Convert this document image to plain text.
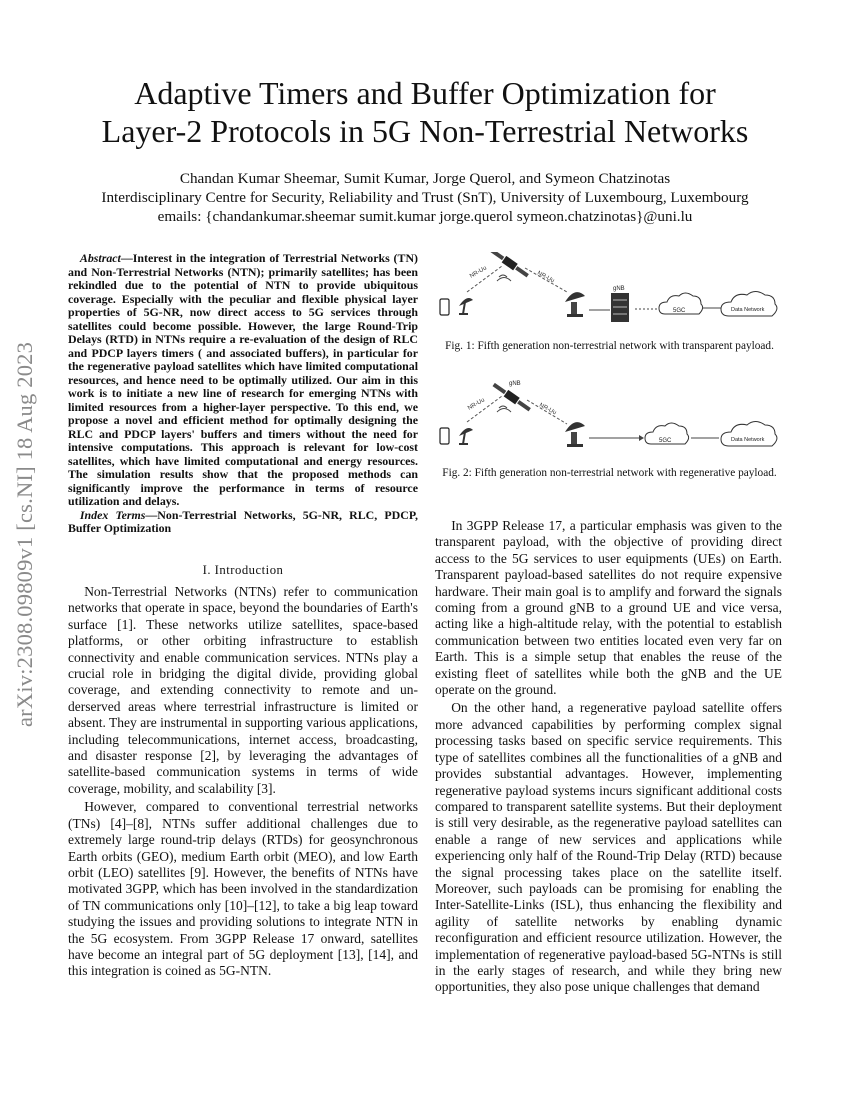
arXiv:2308.09809v1 [cs.NI] 18 Aug 2023
Adaptive Timers and Buffer Optimization for
Layer-2 Protocols in 5G Non-Terrestrial Networks
Chandan Kumar Sheemar, Sumit Kumar, Jorge Querol, and Symeon Chatzinotas
Interdisciplinary Centre for Security, Reliability and Trust (SnT), University of Luxembourg, Luxembourg
emails: {chandankumar.sheemar sumit.kumar jorge.querol symeon.chatzinotas}@uni.lu

Abstract—Interest in the integration of Terrestrial Networks (TN) and Non-Terrestrial Networks (NTN); primarily satellites; has been rekindled due to the potential of NTN to provide ubiquitous coverage. Especially with the peculiar and flexible physical layer properties of 5G-NR, now direct access to 5G services through satellites could become possible. However, the large Round-Trip Delays (RTD) in NTNs require a re-evaluation of the design of RLC and PDCP layers timers ( and associated buffers), in particular for the regenerative payload satellites which have limited computational resources, and hence need to be optimally utilized. Our aim in this work is to initiate a new line of research for emerging NTNs with limited resources from a higher-layer perspective. To this end, we propose a novel and efficient method for optimally designing the RLC and PDCP layers' buffers and timers without the need for intensive computations. This approach is relevant for low-cost satellites, which have limited computational and energy resources. The simulation results show that the proposed methods can significantly improve the performance in terms of resource utilization and delays.

Index Terms—Non-Terrestrial Networks, 5G-NR, RLC, PDCP, Buffer Optimization

I. Introduction

Non-Terrestrial Networks (NTNs) refer to communication networks that operate in space, beyond the boundaries of Earth's surface [1]. These networks utilize satellites, space-based platforms, or other orbiting infrastructure to establish connectivity and enable communication services. NTNs play a crucial role in bridging the digital divide, providing global coverage, and extending connectivity to remote and un-derserved areas where terrestrial infrastructure is limited or absent. They are instrumental in supporting various applications, including telecommunications, internet access, broadcasting, and disaster response [2], by leveraging the advantages of satellite-based communication systems in terms of wide coverage, mobility, and scalability [3].

However, compared to conventional terrestrial networks (TNs) [4]–[8], NTNs suffer additional challenges due to extremely large round-trip delays (RTDs) for geosynchronous Earth orbits (GEO), medium Earth orbit (MEO), and low Earth orbit (LEO) satellites [9]. However, the benefits of NTNs have motivated 3GPP, which has been involved in the standardization of TN communications only [10]–[12], to take a big leap toward studying the issues and providing solutions to integrate NTN in the 5G ecosystem. From 3GPP Release 17 onward, satellites have become an integral part of 5G deployment [13], [14], and this integration is coined as 5G-NTN.

NR-Uu	NR-Uu
gNB
5GC	Data Network
Fig. 1: Fifth generation non-terrestrial network with transparent payload.
NR-Uu
gNB
NR-Uu
5GC	Data Network
Fig. 2: Fifth generation non-terrestrial network with regenerative payload.

In 3GPP Release 17, a particular emphasis was given to the transparent payload, with the objective of providing direct access to the 5G services to user equipments (UEs) on Earth. Transparent payload-based satellites do not require expensive hardware. Their main goal is to amplify and forward the signals coming from a ground gNB to a ground UE and vice versa, acting like a high-altitude relay, with the potential to establish communication between two entities located even very far on Earth. This is a simple setup that enables the reuse of the existing fleet of satellites while both the gNB and the UE operate on the ground.

On the other hand, a regenerative payload satellite offers more advanced capabilities by performing complex signal processing tasks based on specific service requirements. This type of satellites combines all the functionalities of a gNB and provides substantial advantages. However, implementing regenerative payload systems incurs significant additional costs compared to transparent satellite systems. But their deployment is still very desirable, as the regenerative payload satellites can enable a range of new services and applications while experiencing only half of the Round-Trip Delay (RTD) because the signal processing takes place on the satellite itself. Moreover, such payloads can be promising for enabling the Inter-Satellite-Links (ISL), thus enhancing the flexibility and agility of satellite networks by enabling dynamic reconfiguration and efficient resource utilization. However, the implementation of regenerative payload-based 5G-NTNs is still in the early stages of research, and while they bring new opportunities, they also pose unique challenges that demand
